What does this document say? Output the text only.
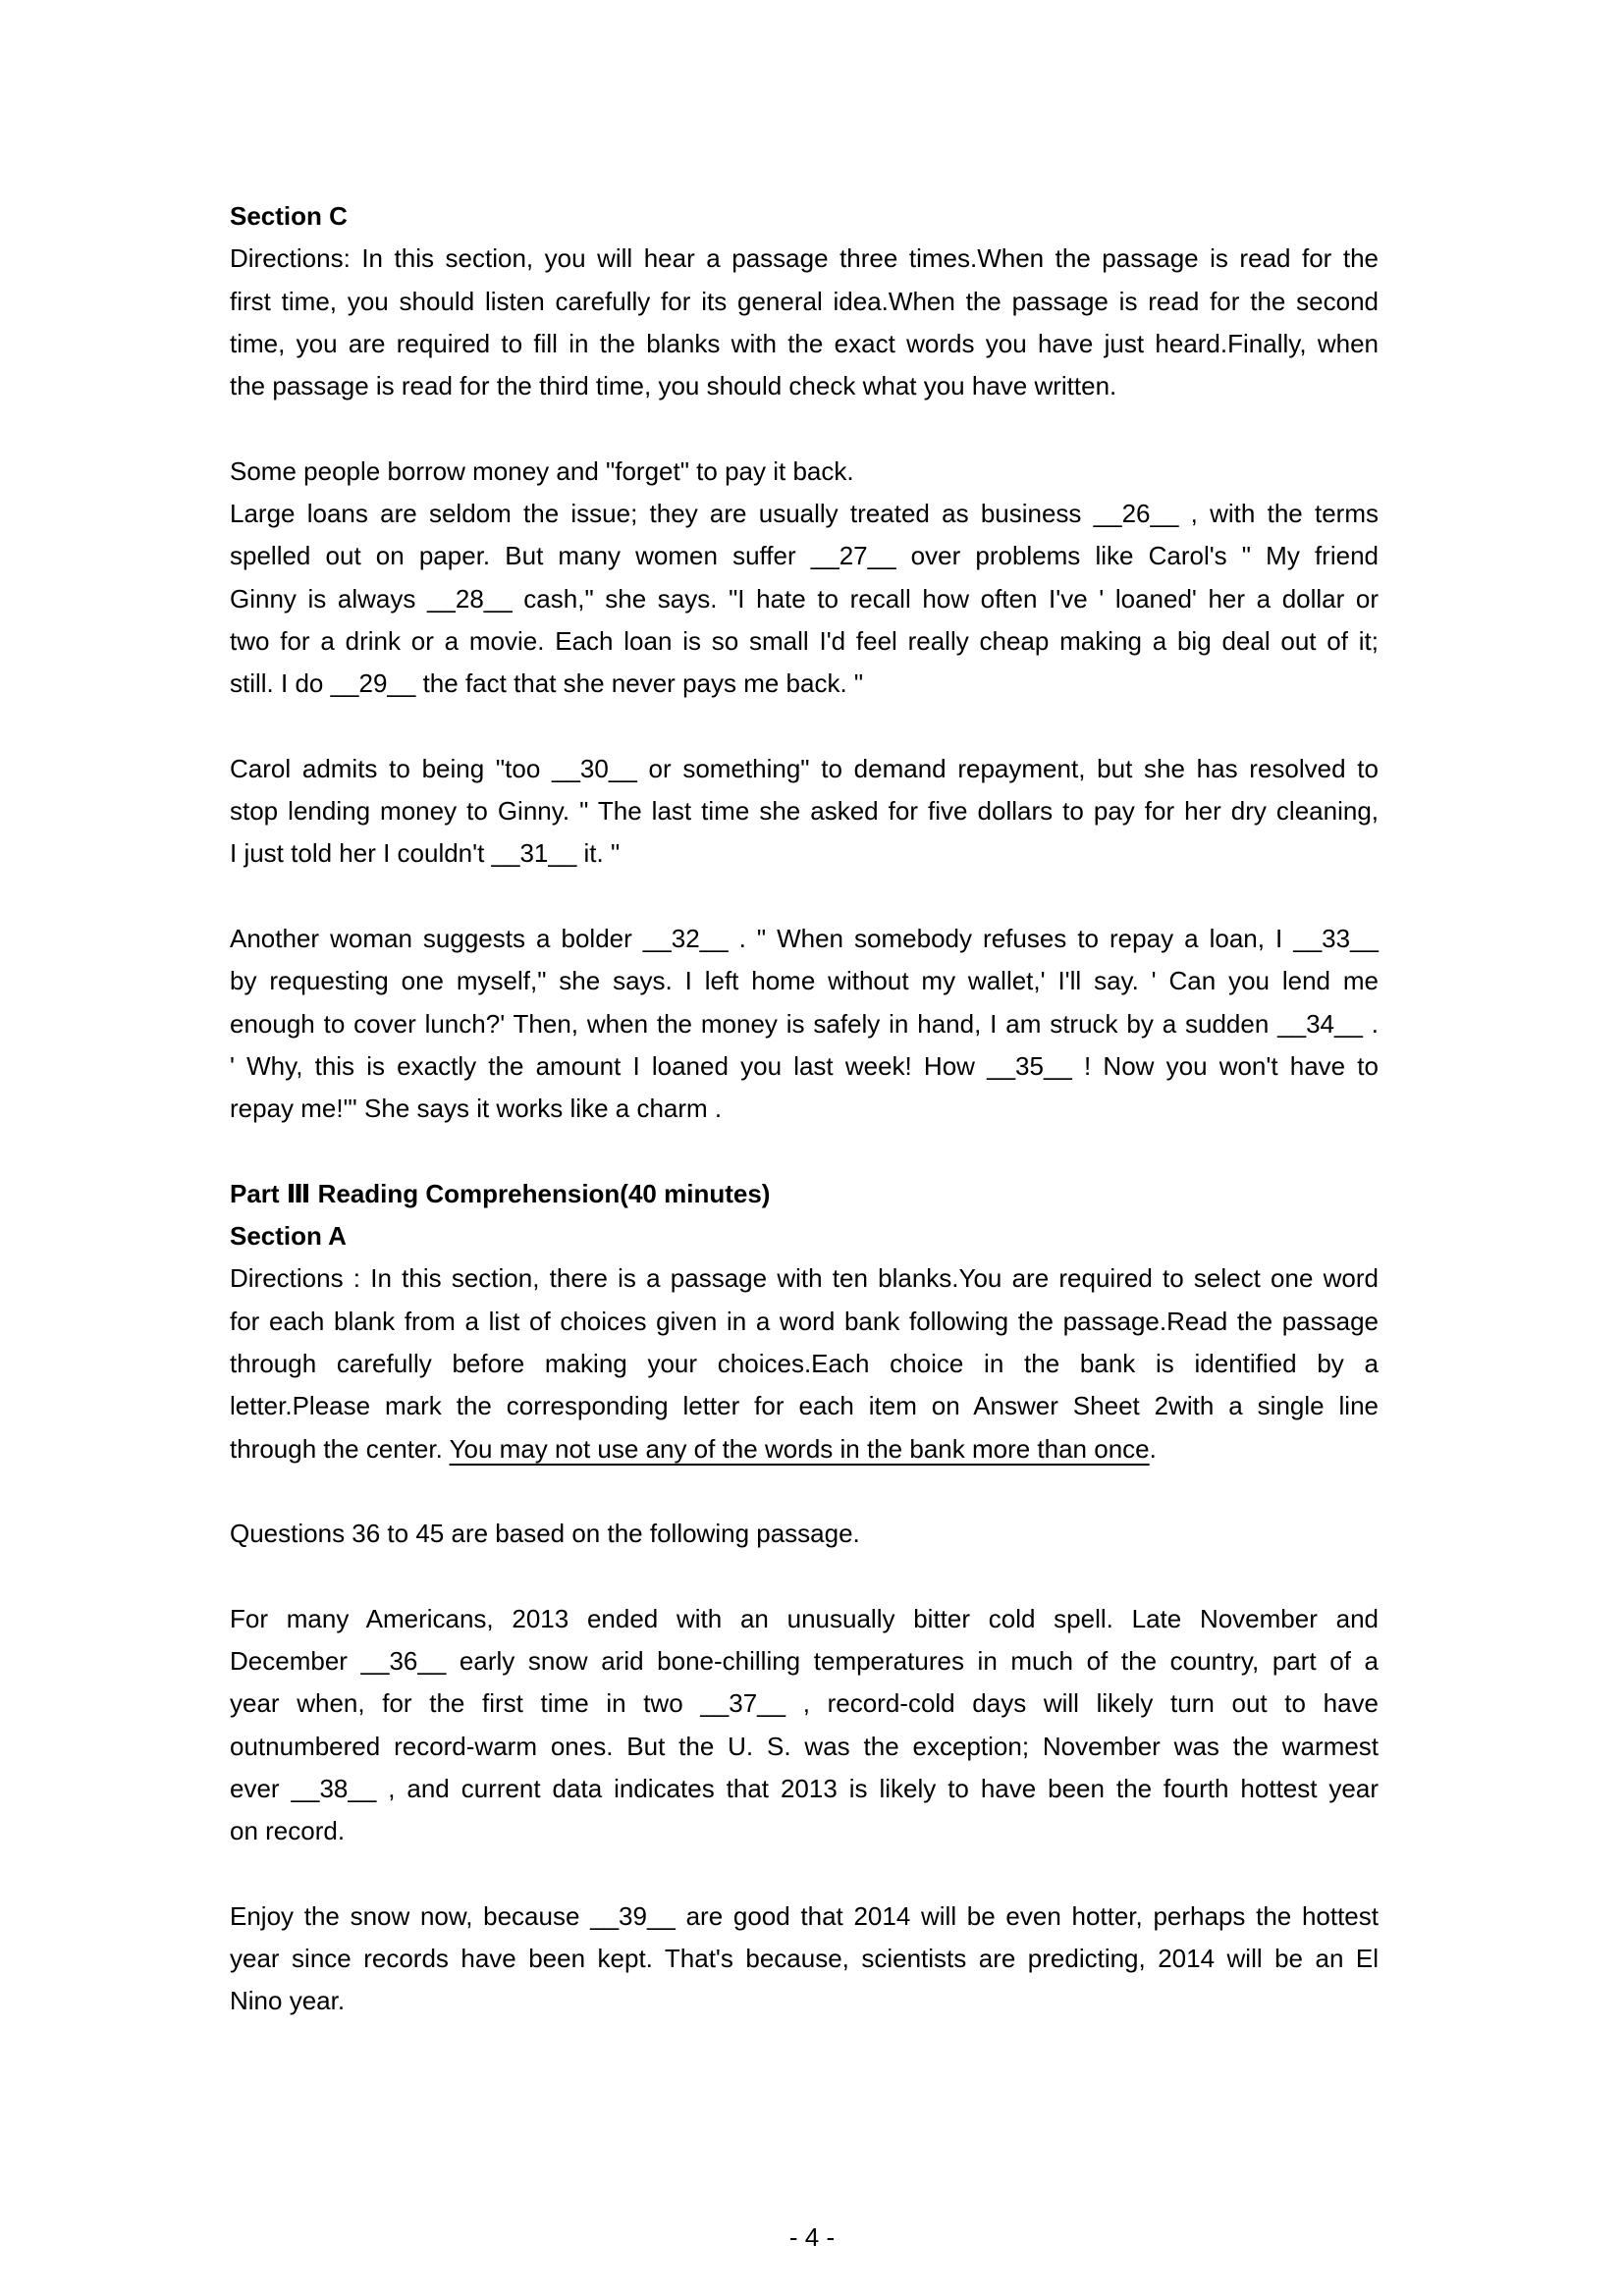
Section C
Directions: In this section, you will hear a passage three times.When the passage is read for the
first time, you should listen carefully for its general idea.When the passage is read for the second
time, you are required to fill in the blanks with the exact words you have just heard.Finally, when
the passage is read for the third time, you should check what you have written.
Some people borrow money and "forget" to pay it back.
Large loans are seldom the issue; they are usually treated as business __26__ , with the terms
spelled out on paper. But many women suffer __27__ over problems like Carol's " My friend
Ginny is always __28__ cash," she says. "I hate to recall how often I've ' loaned' her a dollar or
two for a drink or a movie. Each loan is so small I'd feel really cheap making a big deal out of it;
still. I do __29__ the fact that she never pays me back. "
Carol admits to being "too __30__ or something" to demand repayment, but she has resolved to
stop lending money to Ginny. " The last time she asked for five dollars to pay for her dry cleaning,
I just told her I couldn't __31__ it. "
Another woman suggests a bolder __32__ . " When somebody refuses to repay a loan, I __33__
by requesting one myself," she says. I left home without my wallet,' I'll say. ' Can you lend me
enough to cover lunch?' Then, when the money is safely in hand, I am struck by a sudden __34__ .
' Why, this is exactly the amount I loaned you last week! How __35__ ! Now you won't have to
repay me!"' She says it works like a charm .
Part Ⅲ Reading Comprehension(40 minutes)
Section A
Directions : In this section, there is a passage with ten blanks.You are required to select one word
for each blank from a list of choices given in a word bank following the passage.Read the passage
through carefully before making your choices.Each choice in the bank is identified by a
letter.Please mark the corresponding letter for each item on Answer Sheet 2with a single line
through the center. You may not use any of the words in the bank more than once.
Questions 36 to 45 are based on the following passage.
For many Americans, 2013 ended with an unusually bitter cold spell. Late November and
December __36__ early snow arid bone-chilling temperatures in much of the country, part of a
year when, for the first time in two __37__ , record-cold days will likely turn out to have
outnumbered record-warm ones. But the U. S. was the exception; November was the warmest
ever __38__ , and current data indicates that 2013 is likely to have been the fourth hottest year
on record.
Enjoy the snow now, because __39__ are good that 2014 will be even hotter, perhaps the hottest
year since records have been kept. That's because, scientists are predicting, 2014 will be an El
Nino year.
- 4 -
